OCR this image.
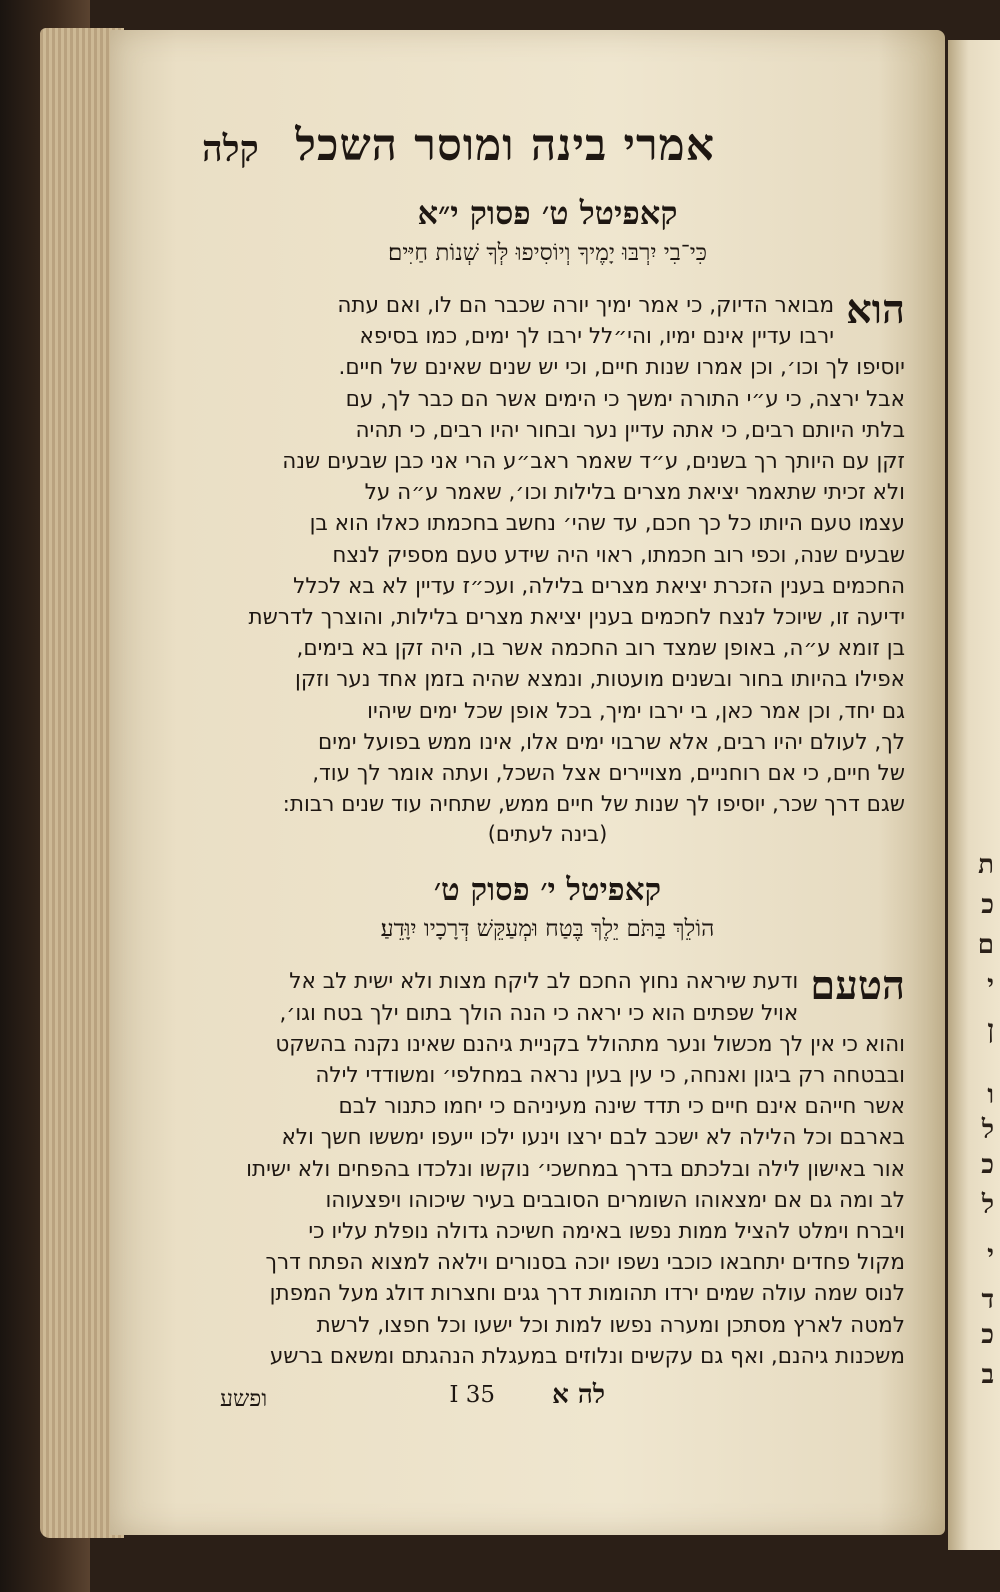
ת
כ
ם
י
ן
ו
ל
כ
ל
י
ד
כ
ב
אמרי בינה ומוסר השכל
קלה
קאפיטל ט׳ פסוק י״א
כִּי־בִי יִרְבּוּ יָמֶיךָ וְיוֹסִיפוּ לְּךָ שְׁנוֹת חַיִּים׃
הוא
מבואר הדיוק, כי אמר ימיך יורה שכבר הם לו, ואם עתה
ירבו עדיין אינם ימיו, והי״לל ירבו לך ימים, כמו בסיפא
יוסיפו לך וכו׳, וכן אמרו שנות חיים, וכי יש שנים שאינם של חיים.
אבל ירצה, כי ע״י התורה ימשך כי הימים אשר הם כבר לך, עם
בלתי היותם רבים, כי אתה עדיין נער ובחור יהיו רבים, כי תהיה
זקן עם היותך רך בשנים, ע״ד שאמר ראב״ע הרי אני כבן שבעים שנה
ולא זכיתי שתאמר יציאת מצרים בלילות וכו׳, שאמר ע״ה על
עצמו טעם היותו כל כך חכם, עד שהי׳ נחשב בחכמתו כאלו הוא בן
שבעים שנה, וכפי רוב חכמתו, ראוי היה שידע טעם מספיק לנצח
החכמים בענין הזכרת יציאת מצרים בלילה, ועכ״ז עדיין לא בא לכלל
ידיעה זו, שיוכל לנצח לחכמים בענין יציאת מצרים בלילות, והוצרך לדרשת
בן זומא ע״ה, באופן שמצד רוב החכמה אשר בו, היה זקן בא בימים,
אפילו בהיותו בחור ובשנים מועטות, ונמצא שהיה בזמן אחד נער וזקן
גם יחד, וכן אמר כאן, בי ירבו ימיך, בכל אופן שכל ימים שיהיו
לך, לעולם יהיו רבים, אלא שרבוי ימים אלו, אינו ממש בפועל ימים
של חיים, כי אם רוחניים, מצויירים אצל השכל, ועתה אומר לך עוד,
שגם דרך שכר, יוסיפו לך שנות של חיים ממש, שתחיה עוד שנים רבות:
(בינה לעתים)
קאפיטל י׳ פסוק ט׳
הוֹלֵךְ בַּתֹּם יֵלֶךְ בֶּטַח וּמְעַקֵּשׁ דְּרָכָיו יִוָּדֵעַ׃
הטעם
ודעת שיראה נחוץ החכם לב ליקח מצות ולא ישית לב אל
אויל שפתים הוא כי יראה כי הנה הולך בתום ילך בטח וגו׳,
והוא כי אין לך מכשול ונער מתהולל בקניית גיהנם שאינו נקנה בהשקט
ובבטחה רק ביגון ואנחה, כי עין בעין נראה במחלפי׳ ומשודדי לילה
אשר חייהם אינם חיים כי תדד שינה מעיניהם כי יחמו כתנור לבם
בארבם וכל הלילה לא ישכב לבם ירצו וינעו ילכו ייעפו ימששו חשך ולא
אור באישון לילה ובלכתם בדרך במחשכי׳ נוקשו ונלכדו בהפחים ולא ישיתו
לב ומה גם אם ימצאוהו השומרים הסובבים בעיר שיכוהו ויפצעוהו
ויברח וימלט להציל ממות נפשו באימה חשיכה גדולה נופלת עליו כי
מקול פחדים יתחבאו כוכבי נשפו יוכה בסנורים וילאה למצוא הפתח דרך
לנוס שמה עולה שמים ירדו תהומות דרך גגים וחצרות דולג מעל המפתן
למטה לארץ מסתכן ומערה נפשו למות וכל ישעו וכל חפצו, לרשת
משכנות גיהנם, ואף גם עקשים ונלוזים במעגלת הנהגתם ומשאם ברשע
לה א
I 35
ופשע
